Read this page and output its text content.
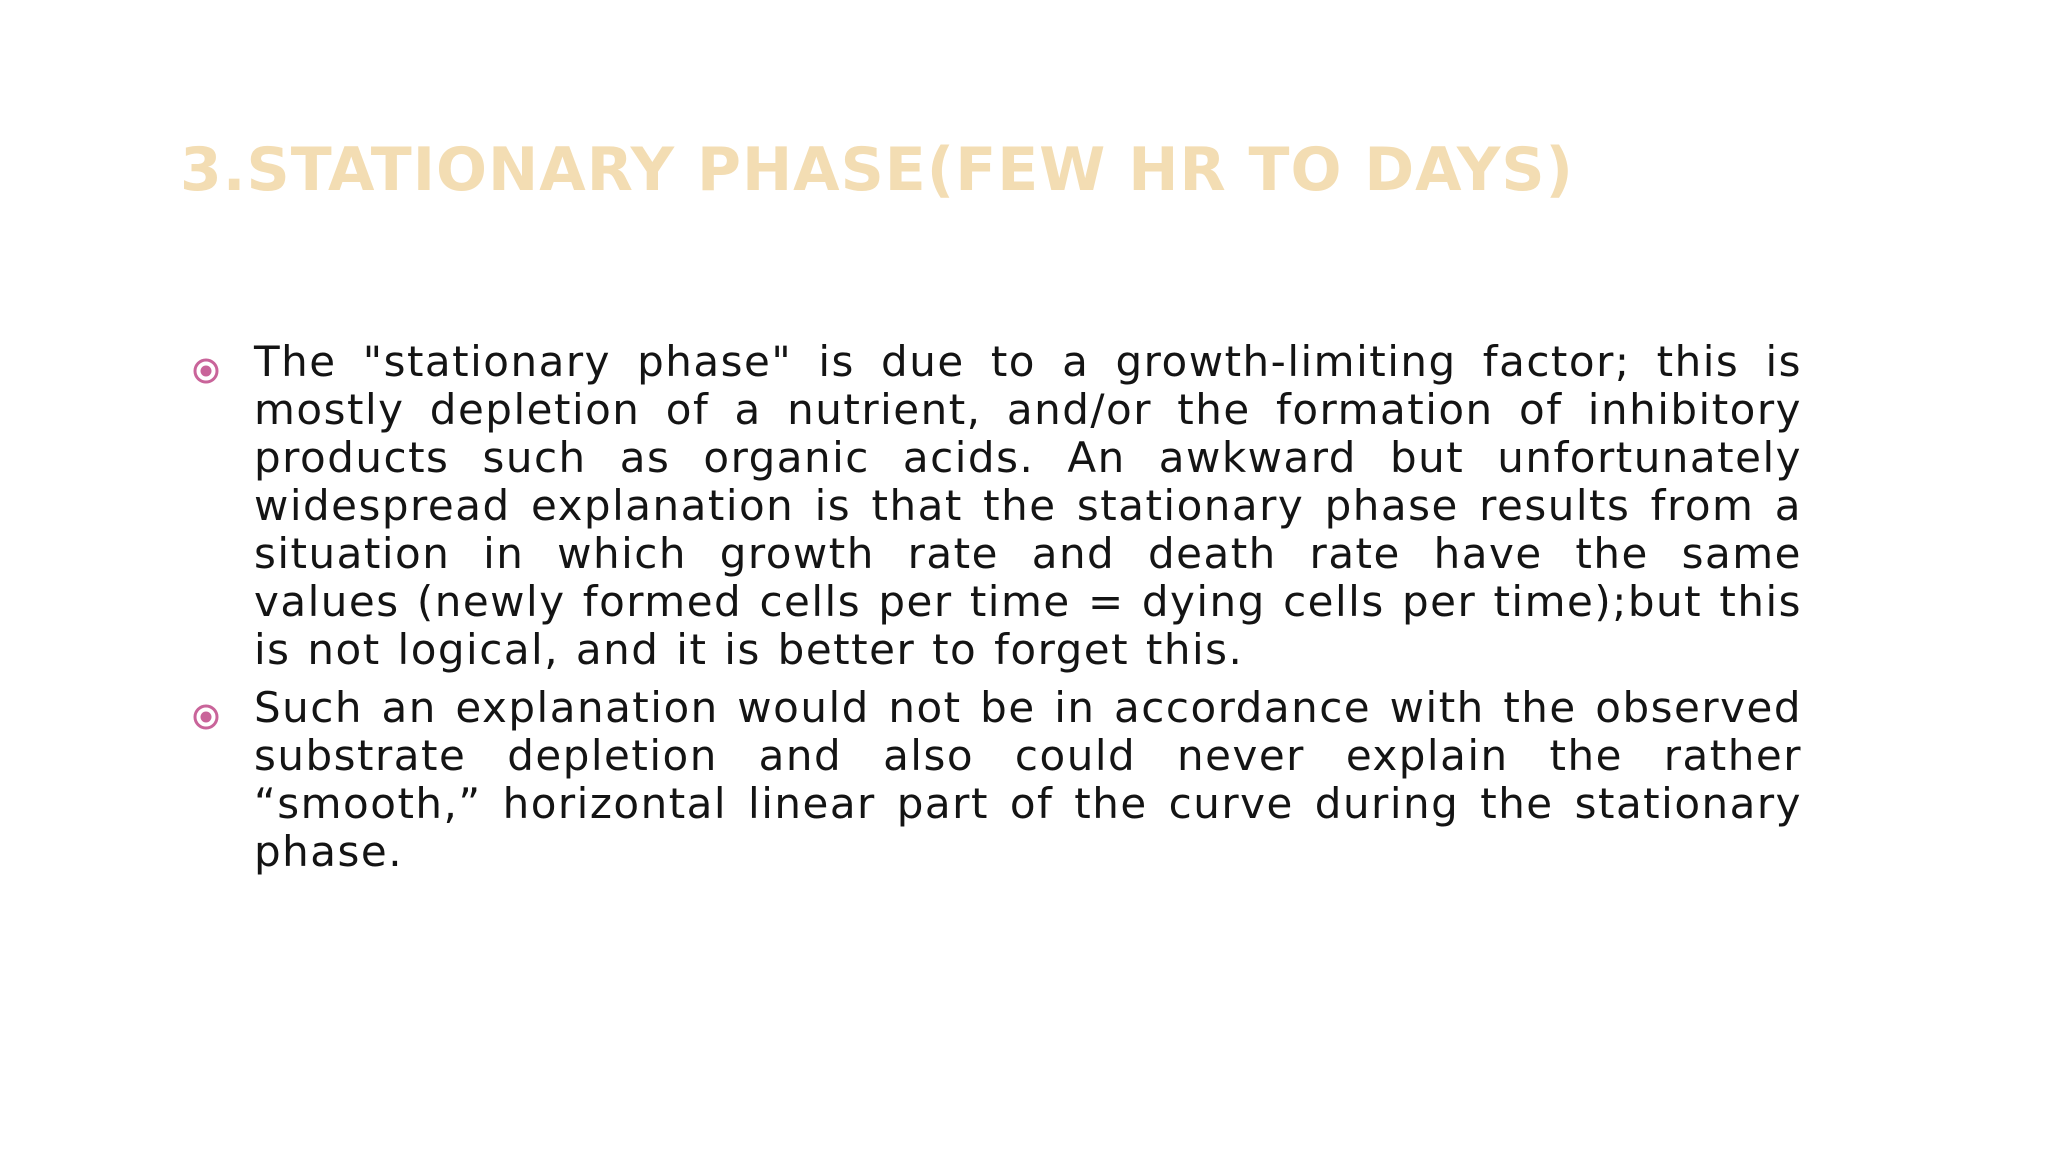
3.STATIONARY PHASE(FEW HR TO DAYS)
The "stationary phase" is due to a growth-limiting factor; this is mostly depletion of a nutrient, and/or the formation of inhibitory products such as organic acids. An awkward but unfortunately widespread explanation is that the stationary phase results from a situation in which growth rate and death rate have the same values (newly formed cells per time = dying cells per time);but this is not logical, and it is better to forget this.
Such an explanation would not be in accordance with the observed substrate depletion and also could never explain the rather “smooth,” horizontal linear part of the curve during the stationary phase.
